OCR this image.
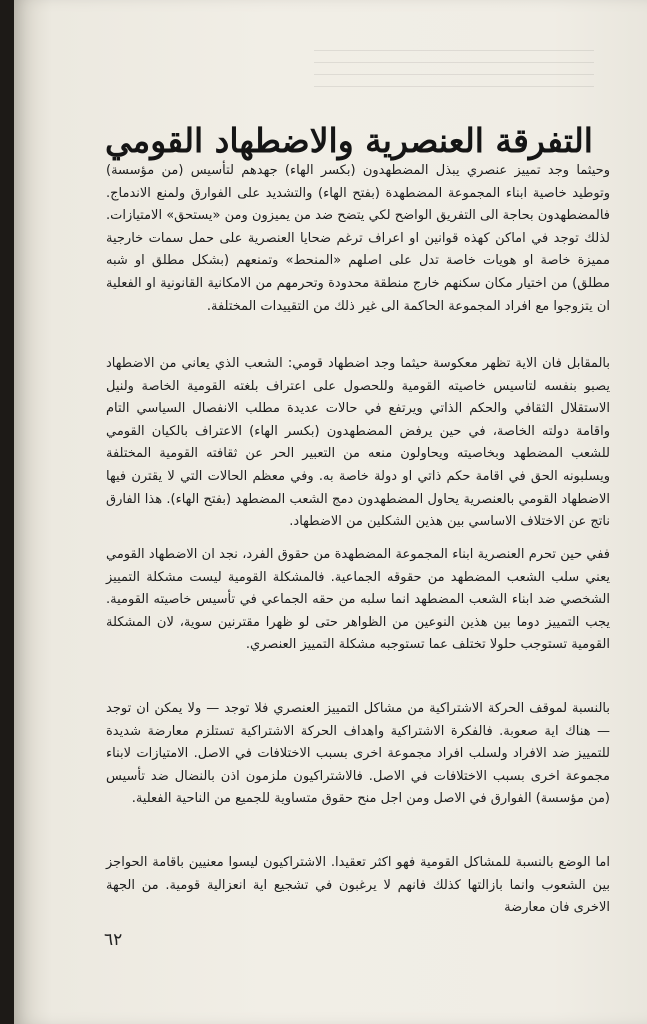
التفرقة العنصرية والاضطهاد القومي

وحيثما وجد تمييز عنصري يبذل المضطهدون (بكسر الهاء) جهدهم لتأسيس (من مؤسسة) وتوطيد خاصية ابناء المجموعة المضطهدة (بفتح الهاء) والتشديد على الفوارق ولمنع الاندماج. فالمضطهدون بحاجة الى التفريق الواضح لكي يتضح ضد من يميزون ومن «يستحق» الامتيازات. لذلك توجد في اماكن كهذه قوانين او اعراف ترغم ضحايا العنصرية على حمل سمات خارجية مميزة خاصة او هويات خاصة تدل على اصلهم «المنحط» وتمنعهم (بشكل مطلق او شبه مطلق) من اختيار مكان سكنهم خارج منطقة محدودة وتحرمهم من الامكانية القانونية او الفعلية ان يتزوجوا مع افراد المجموعة الحاكمة الى غير ذلك من التقييدات المختلفة.

بالمقابل فان الاية تظهر معكوسة حيثما وجد اضطهاد قومي: الشعب الذي يعاني من الاضطهاد يصبو بنفسه لتاسيس خاصيته القومية وللحصول على اعتراف بلغته القومية الخاصة ولنيل الاستقلال الثقافي والحكم الذاتي ويرتفع في حالات عديدة مطلب الانفصال السياسي التام واقامة دولته الخاصة، في حين يرفض المضطهدون (بكسر الهاء) الاعتراف بالكيان القومي للشعب المضطهد وبخاصيته ويحاولون منعه من التعبير الحر عن ثقافته القومية المختلفة ويسلبونه الحق في اقامة حكم ذاتي او دولة خاصة به. وفي معظم الحالات التي لا يقترن فيها الاضطهاد القومي بالعنصرية يحاول المضطهدون دمج الشعب المضطهد (بفتح الهاء). هذا الفارق ناتج عن الاختلاف الاساسي بين هذين الشكلين من الاضطهاد.

ففي حين تحرم العنصرية ابناء المجموعة المضطهدة من حقوق الفرد، نجد ان الاضطهاد القومي يعني سلب الشعب المضطهد من حقوقه الجماعية. فالمشكلة القومية ليست مشكلة التمييز الشخصي ضد ابناء الشعب المضطهد انما سلبه من حقه الجماعي في تأسيس خاصيته القومية. يجب التمييز دوما بين هذين النوعين من الظواهر حتى لو ظهرا مقترنين سوية، لان المشكلة القومية تستوجب حلولا تختلف عما تستوجبه مشكلة التمييز العنصري.

بالنسبة لموقف الحركة الاشتراكية من مشاكل التمييز العنصري فلا توجد — ولا يمكن ان توجد — هناك اية صعوبة. فالفكرة الاشتراكية واهداف الحركة الاشتراكية تستلزم معارضة شديدة للتمييز ضد الافراد ولسلب افراد مجموعة اخرى بسبب الاختلافات في الاصل. الامتيازات لابناء مجموعة اخرى بسبب الاختلافات في الاصل. فالاشتراكيون ملزمون اذن بالنضال ضد تأسيس (من مؤسسة) الفوارق في الاصل ومن اجل منح حقوق متساوية للجميع من الناحية الفعلية.

اما الوضع بالنسبة للمشاكل القومية فهو اكثر تعقيدا. الاشتراكيون ليسوا معنيين باقامة الحواجز بين الشعوب وانما بازالتها كذلك فانهم لا يرغبون في تشجيع اية انعزالية قومية. من الجهة الاخرى فان معارضة

٦٢
